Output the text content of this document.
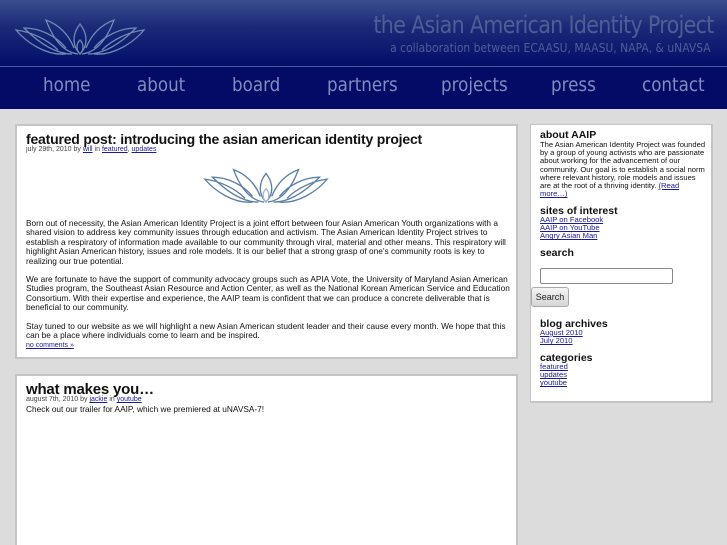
the Asian American Identity Project
a collaboration between ECAASU, MAASU, NAPA, & uNAVSA
home about board partners projects press contact
featured post: introducing the asian american identity project
july 29th, 2010 by will in featured, updates

Born out of necessity, the Asian American Identity Project is a joint effort between four Asian American Youth organizations with a shared vision to address key community issues through education and activism. The Asian American Identity Project strives to establish a respiratory of information made available to our community through viral, material and other means. This respiratory will highlight Asian American history, issues and role models. It is our belief that a strong grasp of one’s community roots is key to realizing our true potential.

We are fortunate to have the support of community advocacy groups such as APIA Vote, the University of Maryland Asian American Studies program, the Southeast Asian Resource and Action Center, as well as the National Korean American Service and Education Consortium. With their expertise and experience, the AAIP team is confident that we can produce a concrete deliverable that is beneficial to our community.

Stay tuned to our website as we will highlight a new Asian American student leader and their cause every month. We hope that this can be a place where individuals come to learn and be inspired.

no comments »
what makes you…
august 7th, 2010 by jackie in youtube

Check out our trailer for AAIP, which we premiered at uNAVSA-7!

about AAIP
The Asian American Identity Project was founded by a group of young activists who are passionate about working for the advancement of our community. Our goal is to establish a social norm where relevant history, role models and issues are at the root of a thriving identity. (Read more…)
sites of interest
AAIP on Facebook
AAIP on YouTube
Angry Asian Man
search
Search
blog archives
August 2010
July 2010
categories
featured
updates
youtube
